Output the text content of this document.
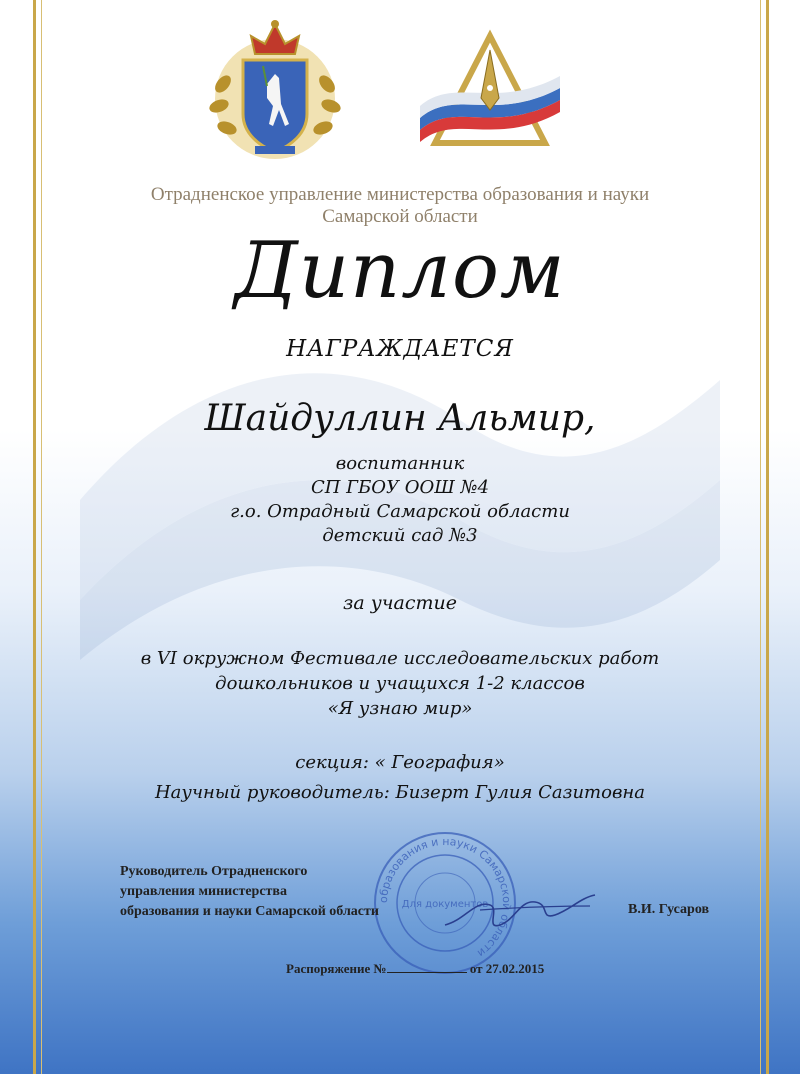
Отрадненское управление министерства образования и науки
Самарской области
Диплом
НАГРАЖДАЕТСЯ
Шайдуллин Альмир,
воспитанник
СП ГБОУ ООШ №4
г.о. Отрадный Самарской области
детский сад №3
за участие
в VI окружном Фестивале исследовательских работ
дошкольников и учащихся 1-2 классов
«Я узнаю мир»
секция: « География»
Научный руководитель: Бизерт Гулия Сазитовна
образования и науки Самарской области
Для документов
Руководитель Отрадненского
управления министерства
образования и науки Самарской области	В.И. Гусаров
Распоряжение №	от 27.02.2015
